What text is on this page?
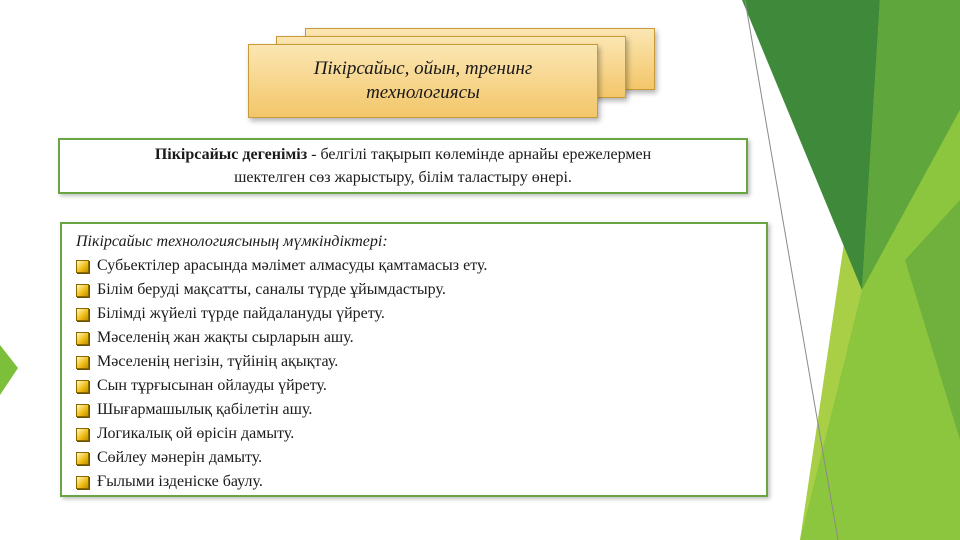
Пікірсайыс, ойын, тренинг технологиясы
Пікірсайыс дегеніміз - белгілі тақырып көлемінде арнайы ережелермен
шектелген сөз жарыстыру, білім таластыру өнері.
Пікірсайыс технологиясының мүмкіндіктері:
Субьектілер арасында мәлімет алмасуды қамтамасыз ету.
Білім беруді мақсатты, саналы түрде ұйымдастыру.
Білімді жүйелі түрде пайдалануды үйрету.
Мәселенің жан жақты сырларын ашу.
Мәселенің негізін, түйінің ақықтау.
Сын тұрғысынан ойлауды үйрету.
Шығармашылық қабілетін ашу.
Логикалық ой өрісін дамыту.
Сөйлеу мәнерін дамыту.
Ғылыми ізденіске баулу.
